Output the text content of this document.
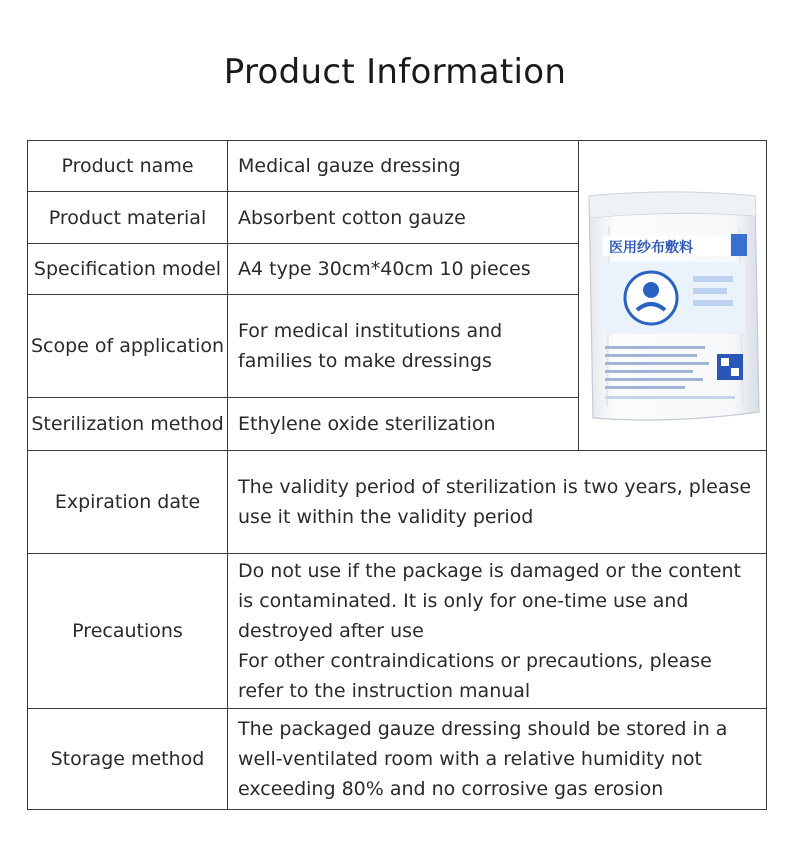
Product Information
Product name	Medical gauze dressing
Product material	Absorbent cotton gauze
Specification model A4 type 30cm*40cm 10 pieces
Scope of application
For medical institutions and families to make dressings
Sterilization method Ethylene oxide sterilization
Expiration date
The validity period of sterilization is two years, please use it within the validity period
Precautions
Do not use if the package is damaged or the content is contaminated. It is only for one-time use and destroyed after use
For other contraindications or precautions, please refer to the instruction manual
Storage method
The packaged gauze dressing should be stored in a well-ventilated room with a relative humidity not exceeding 80% and no corrosive gas erosion
医用纱布敷料
